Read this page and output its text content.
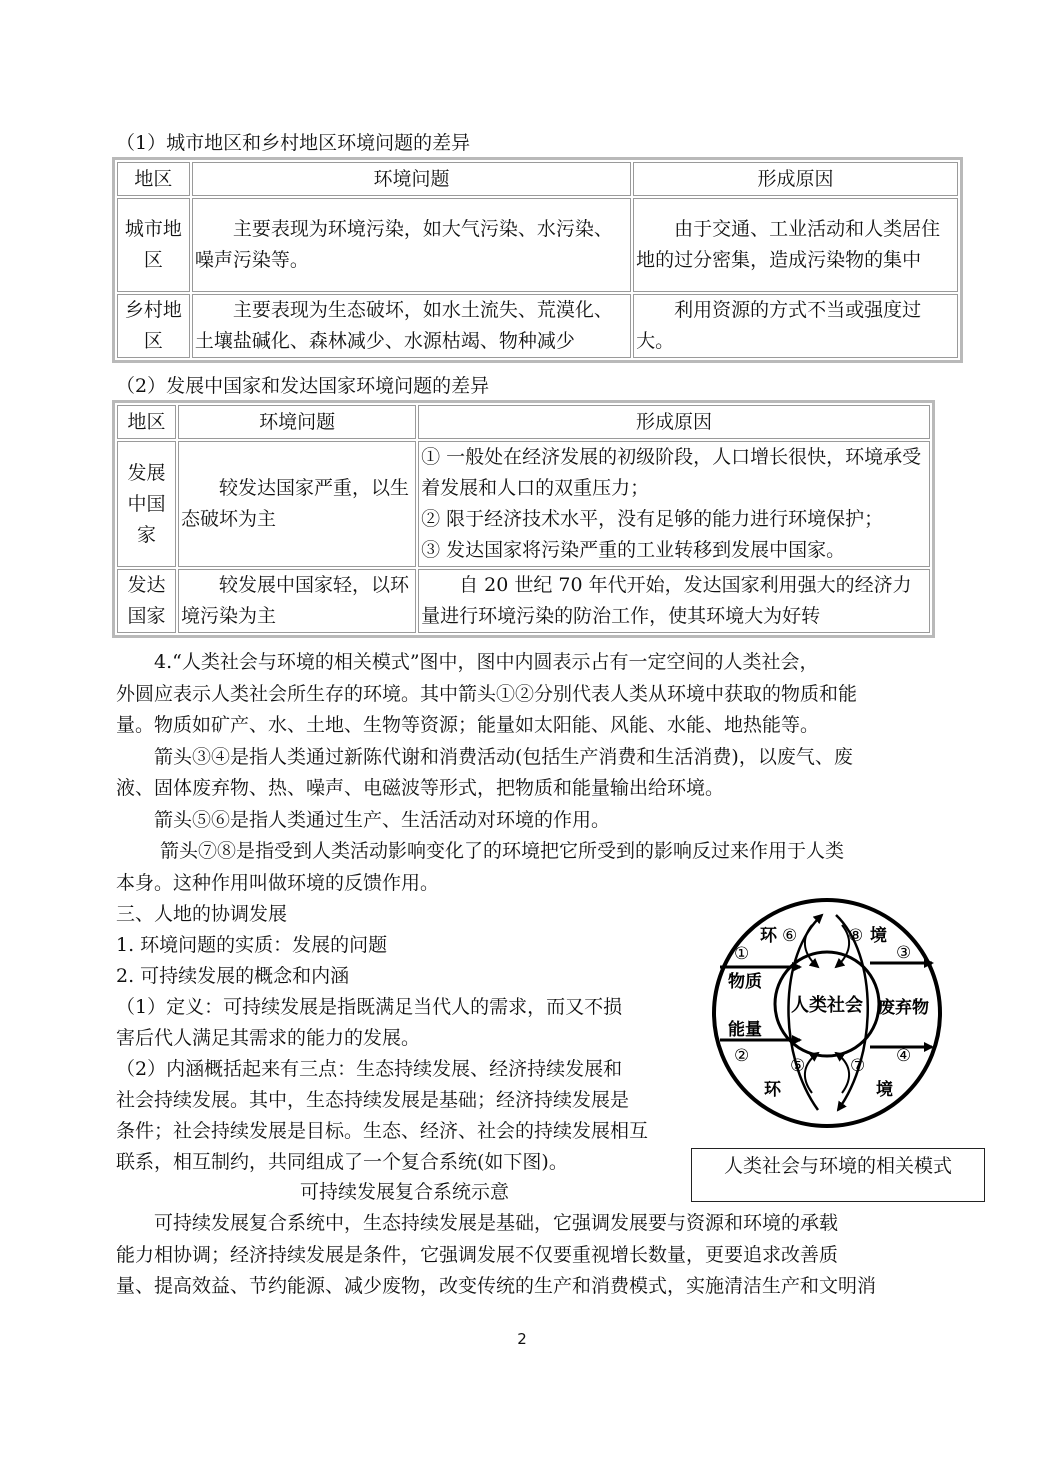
（1）城市地区和乡村地区环境问题的差异
地区	环境问题	形成原因
城市地区	主要表现为环境污染，如大气污染、水污染、噪声污染等。	由于交通、工业活动和人类居住地的过分密集，造成污染物的集中
乡村地区	主要表现为生态破坏，如水土流失、荒漠化、土壤盐碱化、森林减少、水源枯竭、物种减少	利用资源的方式不当或强度过大。
（2）发展中国家和发达国家环境问题的差异
地区	环境问题	形成原因
发展中国家	较发达国家严重，以生态破坏为主	① 一般处在经济发展的初级阶段，人口增长很快，环境承受着发展和人口的双重压力；
② 限于经济技术水平，没有足够的能力进行环境保护；
③ 发达国家将污染严重的工业转移到发展中国家。

发达国家	较发展中国家轻，以环境污染为主	自 20 世纪 70 年代开始，发达国家利用强大的经济力量进行环境污染的防治工作，使其环境大为好转
　　4.“人类社会与环境的相关模式”图中，图中内圆表示占有一定空间的人类社会，
外圆应表示人类社会所生存的环境。其中箭头①②分别代表人类从环境中获取的物质和能
量。物质如矿产、水、土地、生物等资源；能量如太阳能、风能、水能、地热能等。
　　箭头③④是指人类通过新陈代谢和消费活动(包括生产消费和生活消费)，以废气、废
液、固体废弃物、热、噪声、电磁波等形式，把物质和能量输出给环境。
　　箭头⑤⑥是指人类通过生产、生活活动对环境的作用。
　　 箭头⑦⑧是指受到人类活动影响变化了的环境把它所受到的影响反过来作用于人类
本身。这种作用叫做环境的反馈作用。
三、人地的协调发展
1. 环境问题的实质：发展的问题
2. 可持续发展的概念和内涵
（1）定义：可持续发展是指既满足当代人的需求，而又不损
害后代人满足其需求的能力的发展。
（2）内涵概括起来有三点：生态持续发展、经济持续发展和
社会持续发展。其中，生态持续发展是基础；经济持续发展是
条件；社会持续发展是目标。生态、经济、社会的持续发展相互
联系，相互制约，共同组成了一个复合系统(如下图)。
可持续发展复合系统示意
人类社会
环 ⑥	⑧ 境
①	③
物质
废弃物
能量
②	④
⑤	⑦
环	境
人类社会与环境的相关模式
　　可持续发展复合系统中，生态持续发展是基础，它强调发展要与资源和环境的承载
能力相协调；经济持续发展是条件，它强调发展不仅要重视增长数量，更要追求改善质
量、提高效益、节约能源、减少废物，改变传统的生产和消费模式，实施清洁生产和文明消
2
